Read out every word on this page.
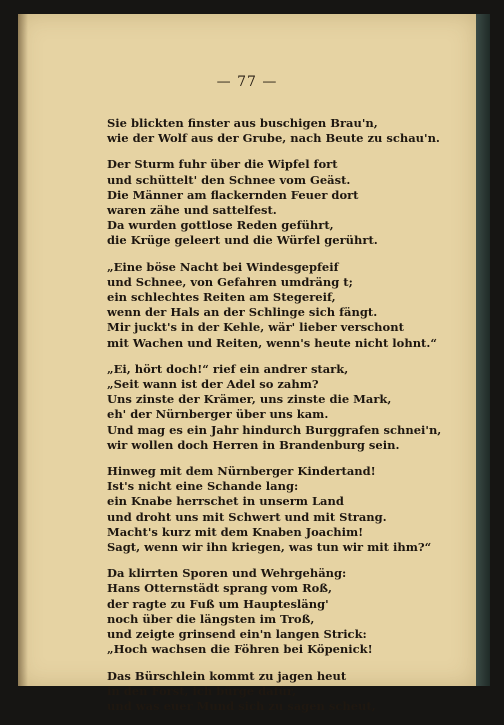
— 77 —
Sie blickten finster aus buschigen Brau'n,
wie der Wolf aus der Grube, nach Beute zu schau'n.
Der Sturm fuhr über die Wipfel fort
und schüttelt' den Schnee vom Geäst.
Die Männer am flackernden Feuer dort
waren zähe und sattelfest.
Da wurden gottlose Reden geführt,
die Krüge geleert und die Würfel gerührt.
„Eine böse Nacht bei Windesgepfeif
und Schnee, von Gefahren umdräng t;
ein schlechtes Reiten am Stegereif,
wenn der Hals an der Schlinge sich fängt.
Mir juckt's in der Kehle, wär' lieber verschont
mit Wachen und Reiten, wenn's heute nicht lohnt.“
„Ei, hört doch!“ rief ein andrer stark,
„Seit wann ist der Adel so zahm?
Uns zinste der Krämer, uns zinste die Mark,
eh' der Nürnberger über uns kam.
Und mag es ein Jahr hindurch Burggrafen schnei'n,
wir wollen doch Herren in Brandenburg sein.
Hinweg mit dem Nürnberger Kindertand!
Ist's nicht eine Schande lang:
ein Knabe herrschet in unserm Land
und droht uns mit Schwert und mit Strang.
Macht's kurz mit dem Knaben Joachim!
Sagt, wenn wir ihn kriegen, was tun wir mit ihm?“
Da klirrten Sporen und Wehrgehäng:
Hans Otternstädt sprang vom Roß,
der ragte zu Fuß um Hauptesläng'
noch über die längsten im Troß,
und zeigte grinsend ein'n langen Strick:
„Hoch wachsen die Föhren bei Köpenick!
Das Bürschlein kommt zu jagen heut
in den Forst, ich bürge dafür,
und was euer Mund sich zu sagen scheut,
